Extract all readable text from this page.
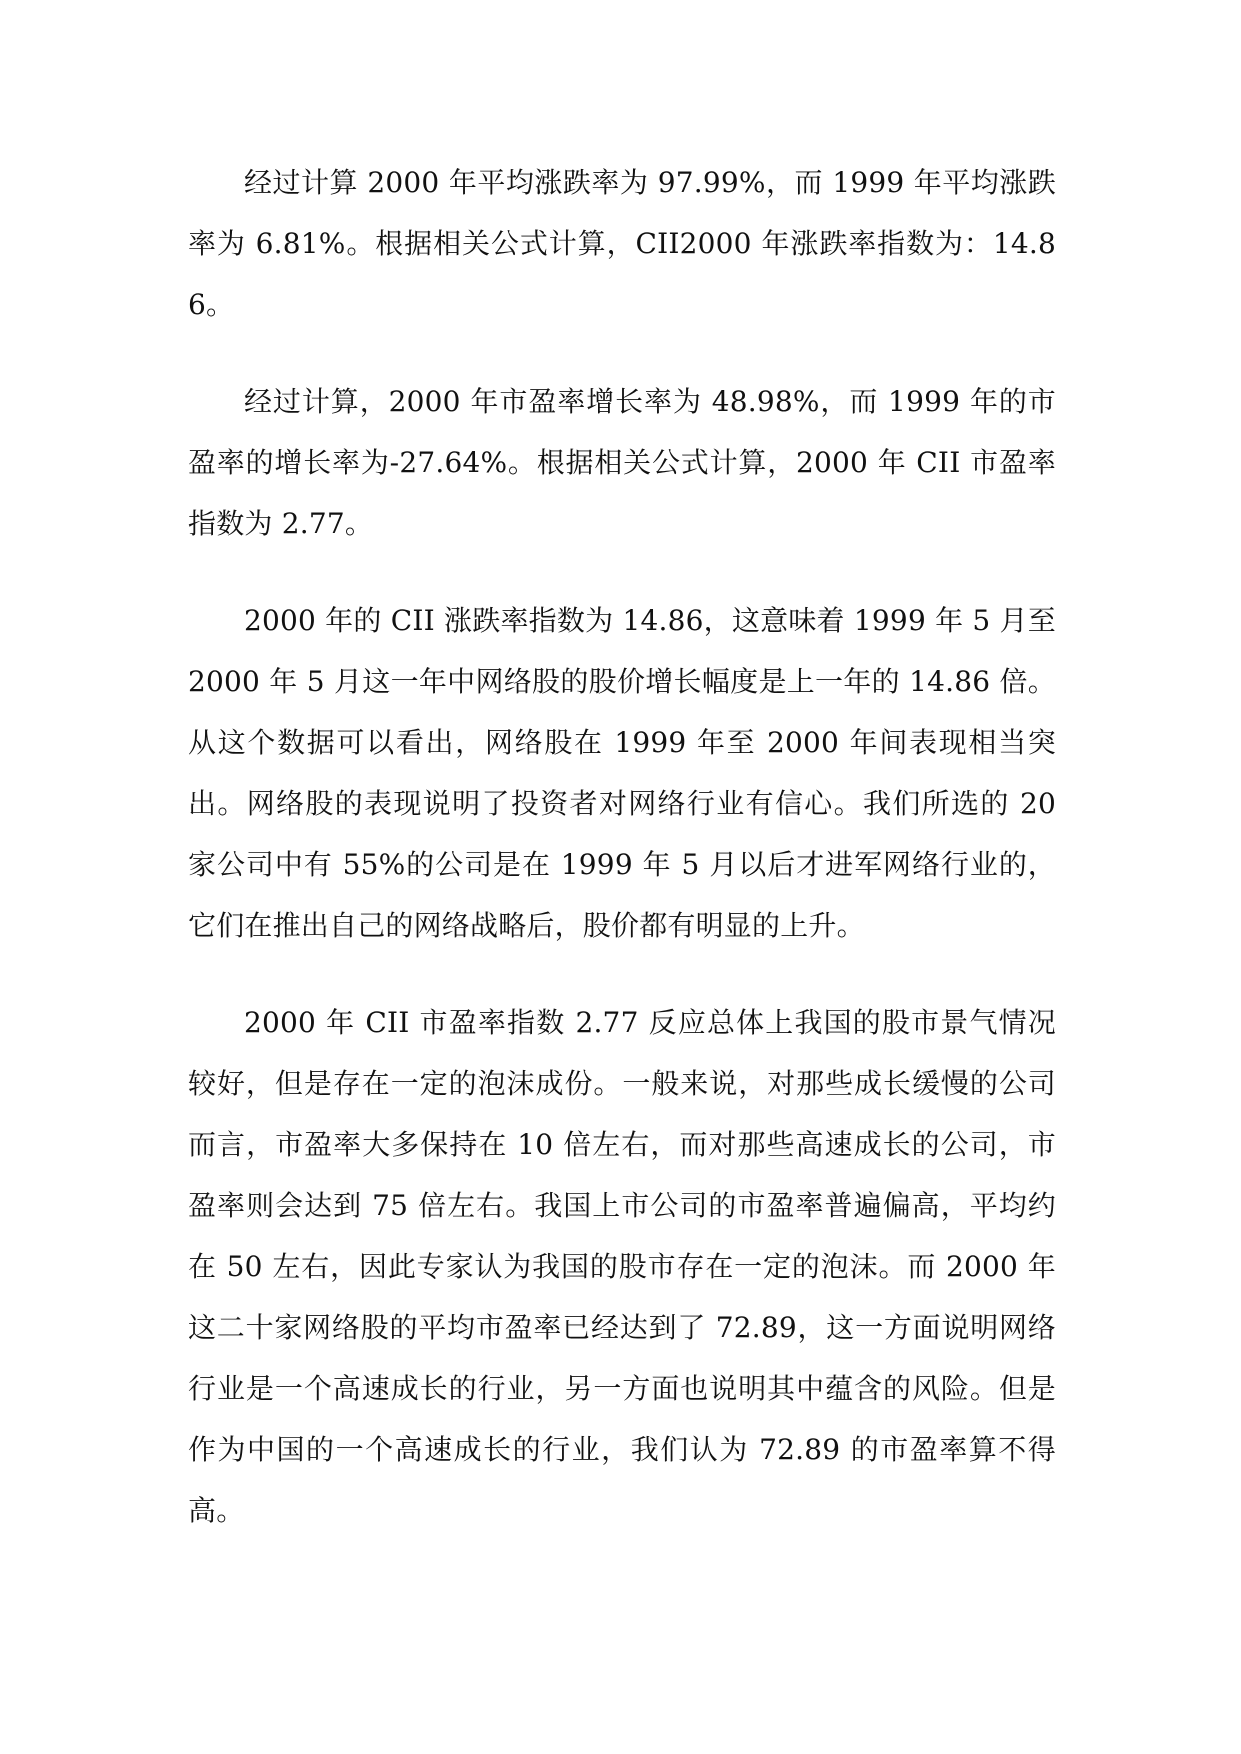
经过计算 2000 年平均涨跌率为 97.99%，而 1999 年平均涨跌率为 6.81%。根据相关公式计算，CII2000 年涨跌率指数为：14.86。

经过计算，2000 年市盈率增长率为 48.98%，而 1999 年的市盈率的增长率为-27.64%。根据相关公式计算，2000 年 CII 市盈率指数为 2.77。

2000 年的 CII 涨跌率指数为 14.86，这意味着 1999 年 5 月至 2000 年 5 月这一年中网络股的股价增长幅度是上一年的 14.86 倍。从这个数据可以看出，网络股在 1999 年至 2000 年间表现相当突出。网络股的表现说明了投资者对网络行业有信心。我们所选的 20 家公司中有 55%的公司是在 1999 年 5 月以后才进军网络行业的，它们在推出自己的网络战略后，股价都有明显的上升。

2000 年 CII 市盈率指数 2.77 反应总体上我国的股市景气情况较好，但是存在一定的泡沫成份。一般来说，对那些成长缓慢的公司而言，市盈率大多保持在 10 倍左右，而对那些高速成长的公司，市盈率则会达到 75 倍左右。我国上市公司的市盈率普遍偏高，平均约在 50 左右，因此专家认为我国的股市存在一定的泡沫。而 2000 年这二十家网络股的平均市盈率已经达到了 72.89，这一方面说明网络行业是一个高速成长的行业，另一方面也说明其中蕴含的风险。但是作为中国的一个高速成长的行业，我们认为 72.89 的市盈率算不得高。
